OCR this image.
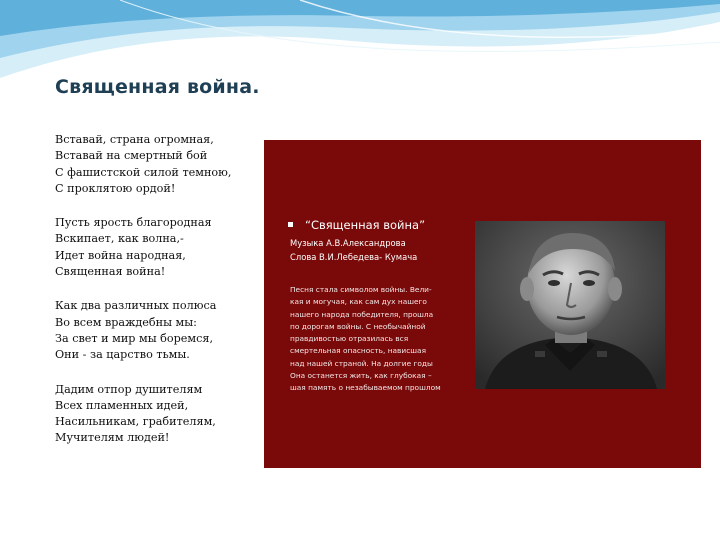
Священная война.
Вставай, страна огромная,
Вставай на смертный бой
С фашистской силой темною,
С проклятою ордой!
Пусть ярость благородная
Вскипает, как волна,-
Идет война народная,
Священная война!
Как два различных полюса
Во всем враждебны мы:
За свет и мир мы боремся,
Они - за царство тьмы.
Дадим отпор душителям
Всех пламенных идей,
Насильникам, грабителям,
Мучителям людей!
“Священная война”
Музыка А.В.Александрова
Слова В.И.Лебедева- Кумача
Песня стала символом войны. Вели-
кая и могучая, как сам дух нашего
нашего народа победителя, прошла
по дорогам войны. С необычайной
правдивостью отразилась вся
смертельная опасность, нависшая
над нашей страной. На долгие годы
Она останется жить, как глубокая –
шая память о незабываемом прошлом
